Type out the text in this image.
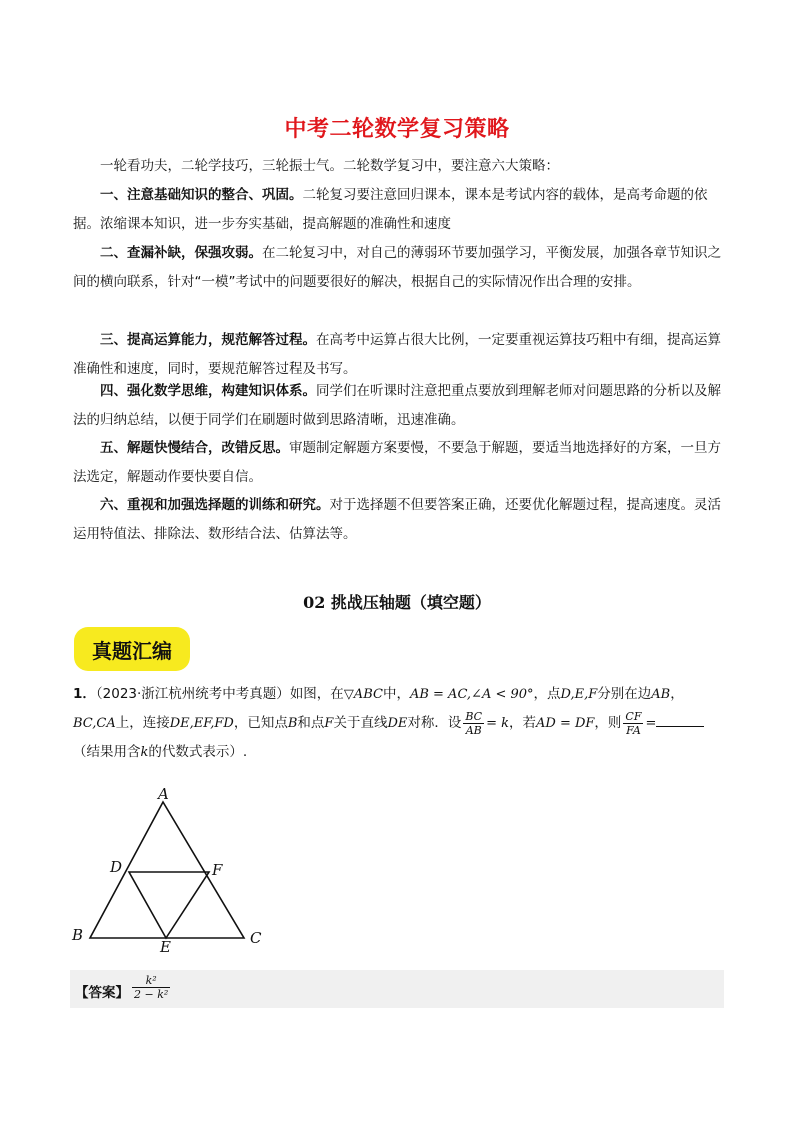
中考二轮数学复习策略
一轮看功夫，二轮学技巧，三轮振士气。二轮数学复习中，要注意六大策略：
一、注意基础知识的整合、巩固。二轮复习要注意回归课本，课本是考试内容的载体，是高考命题的依据。浓缩课本知识，进一步夯实基础，提高解题的准确性和速度
二、查漏补缺，保强攻弱。在二轮复习中，对自己的薄弱环节要加强学习，平衡发展，加强各章节知识之间的横向联系，针对“一模”考试中的问题要很好的解决，根据自己的实际情况作出合理的安排。
三、提高运算能力，规范解答过程。在高考中运算占很大比例，一定要重视运算技巧粗中有细，提高运算准确性和速度，同时，要规范解答过程及书写。
四、强化数学思维，构建知识体系。同学们在听课时注意把重点要放到理解老师对问题思路的分析以及解法的归纳总结，以便于同学们在刷题时做到思路清晰，迅速准确。
五、解题快慢结合，改错反思。审题制定解题方案要慢，不要急于解题，要适当地选择好的方案，一旦方法选定，解题动作要快要自信。
六、重视和加强选择题的训练和研究。对于选择题不但要答案正确，还要优化解题过程，提高速度。灵活运用特值法、排除法、数形结合法、估算法等。
02 挑战压轴题（填空题）
真题汇编
1．（2023·浙江杭州统考中考真题）如图，在▽ABC中，AB = AC,∠A < 90°，点D,E,F分别在边AB，BC,CA上，连接DE,EF,FD，已知点B和点F关于直线DE对称．设 $\frac{BC}{AB} = k$，若AD = DF，则 $\frac{CF}{FA}$ =（结果用含k的代数式表示）.
A
B	C
D
E
F
【答案】 $\frac{\text{k²}}{\text{2 − k²}}$
